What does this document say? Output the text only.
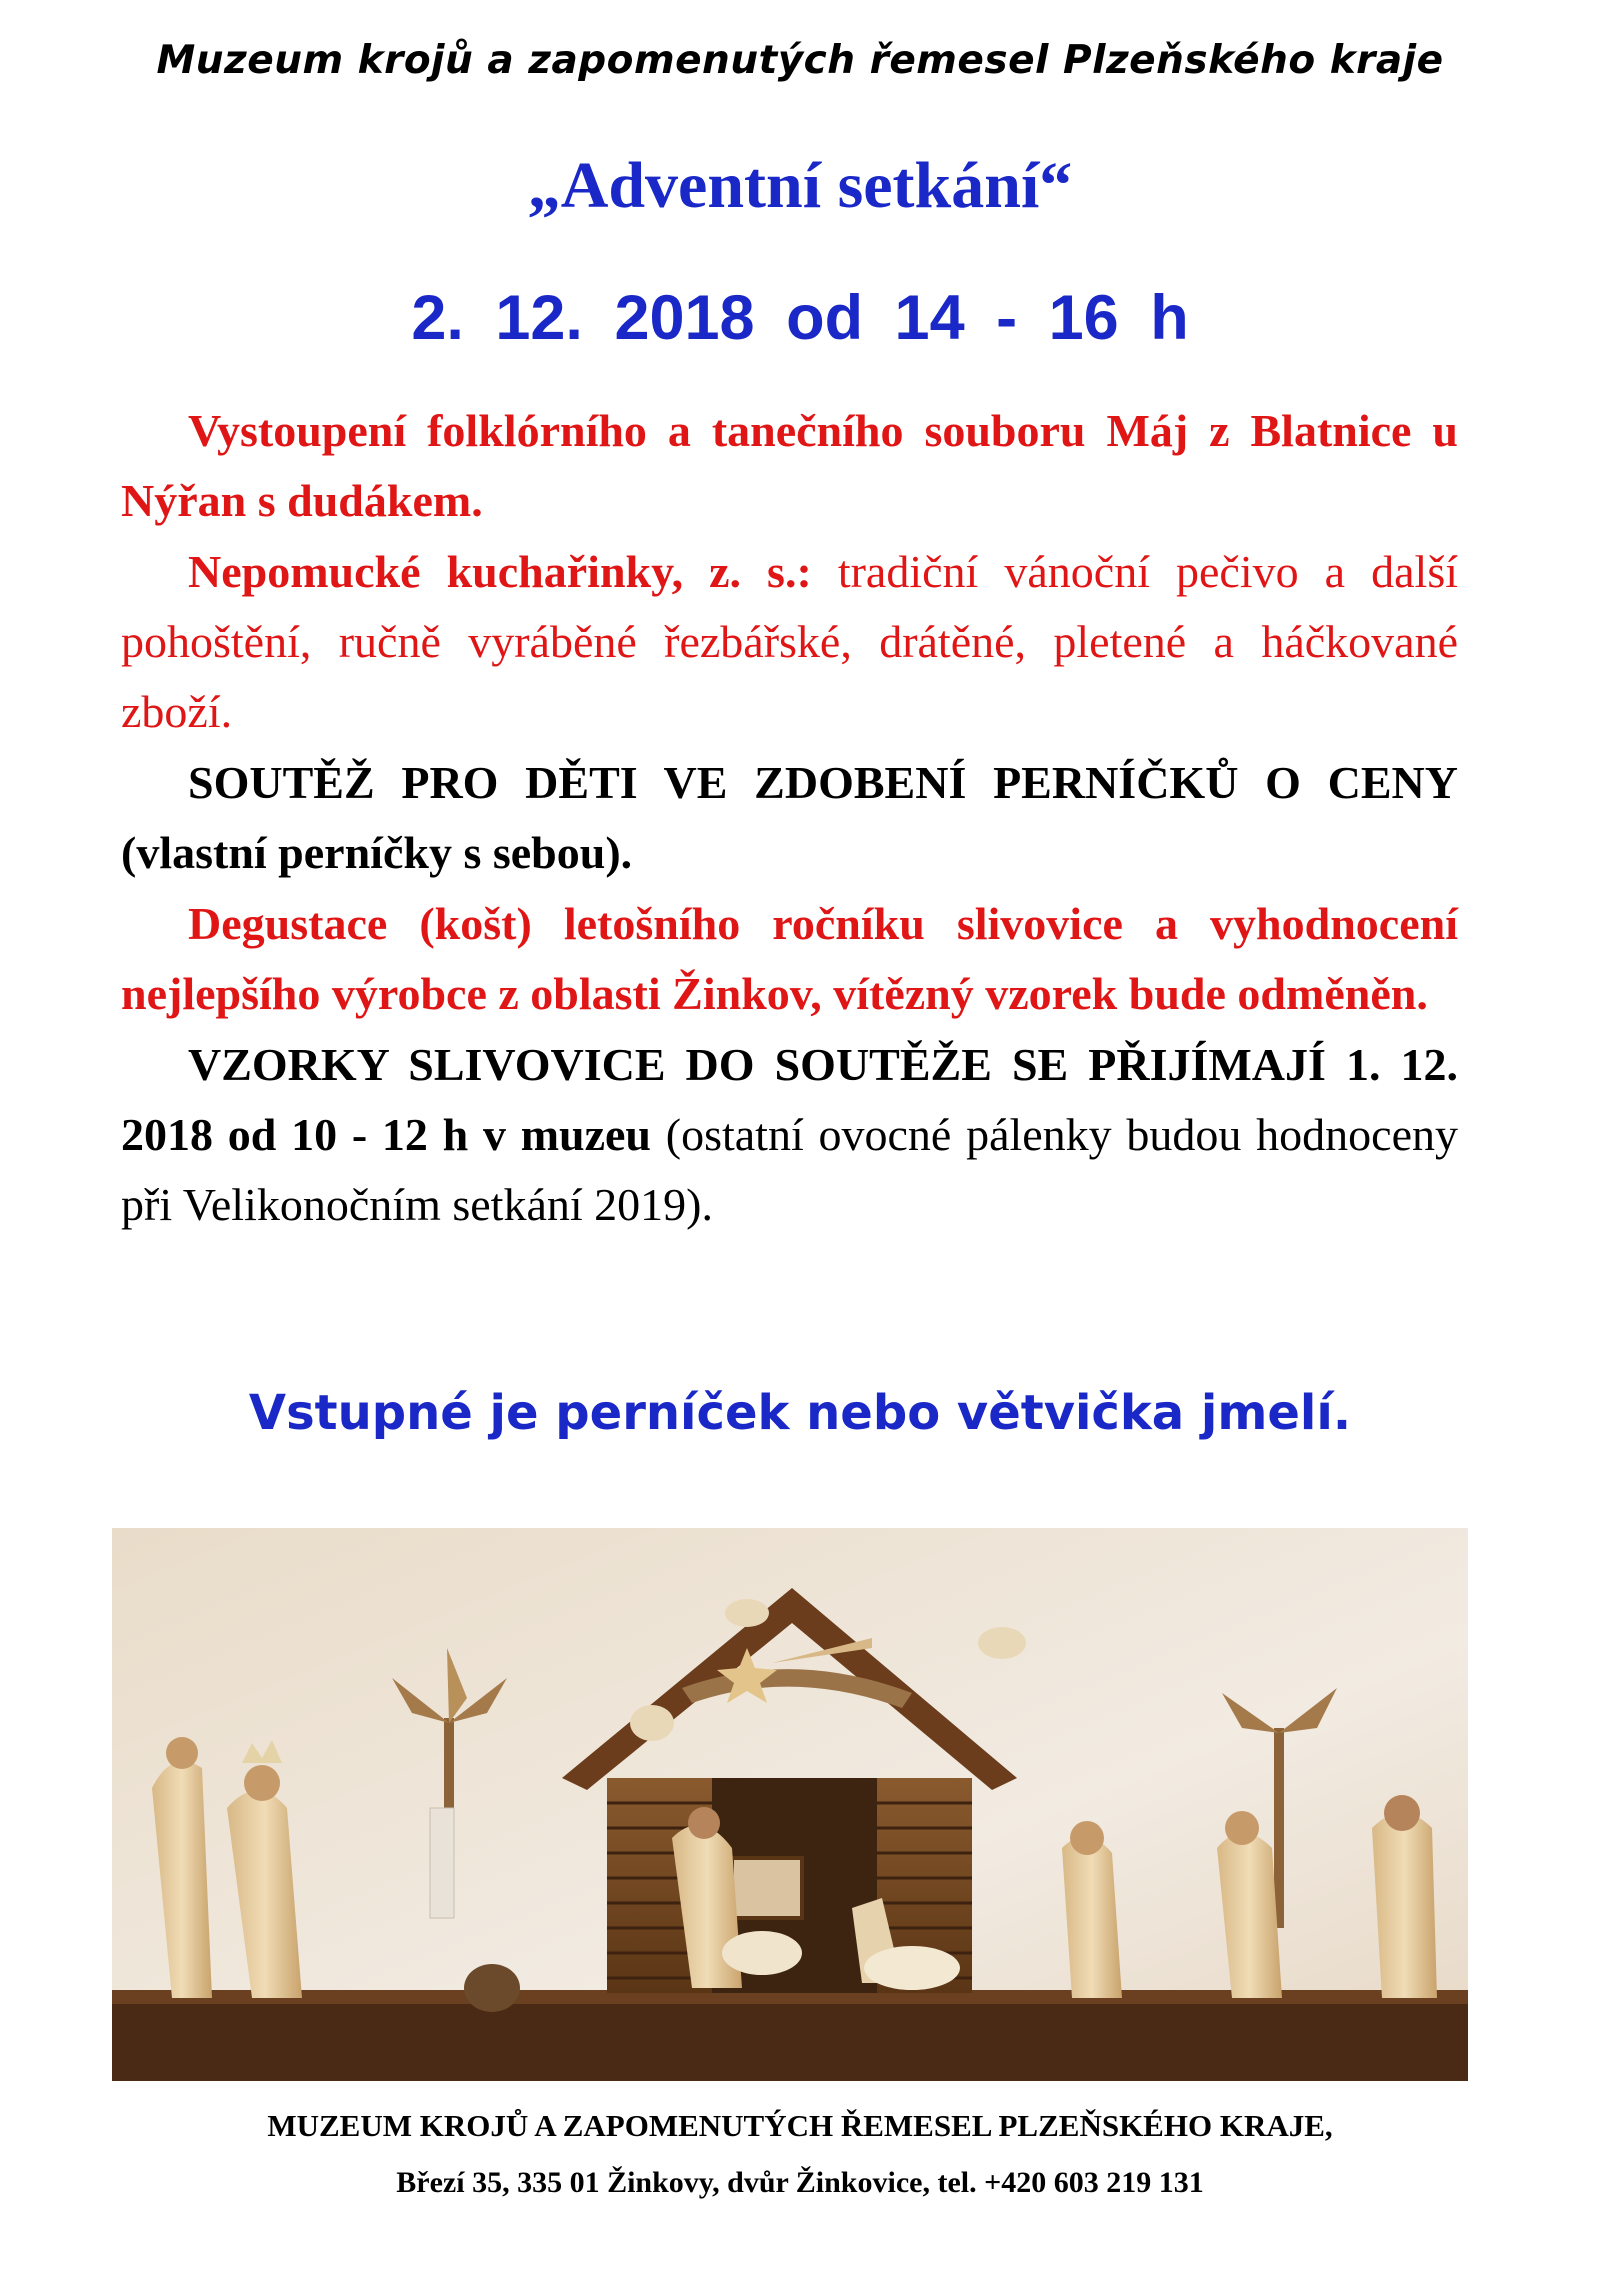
Muzeum krojů a zapomenutých řemesel Plzeňského kraje
„Adventní setkání“
2. 12. 2018 od 14 - 16 h

Vystoupení folklórního a tanečního souboru Máj z Blatnice u Nýřan s dudákem.

Nepomucké kuchařinky, z. s.: tradiční vánoční pečivo a další pohoštění, ručně vyráběné řezbářské, drátěné, pletené a háčkované zboží.

SOUTĚŽ PRO DĚTI VE ZDOBENÍ PERNÍČKŮ O CENY (vlastní perníčky s sebou).

Degustace (košt) letošního ročníku slivovice a vyhodnocení nejlepšího výrobce z oblasti Žinkov, vítězný vzorek bude odměněn.

VZORKY SLIVOVICE DO SOUTĚŽE SE PŘIJÍMAJÍ 1. 12. 2018 od 10 - 12 h v muzeu (ostatní ovocné pálenky budou hodnoceny při Velikonočním setkání 2019).

Vstupné je perníček nebo větvička jmelí.
MUZEUM KROJŮ A ZAPOMENUTÝCH ŘEMESEL PLZEŇSKÉHO KRAJE,
Březí 35, 335 01 Žinkovy, dvůr Žinkovice, tel. +420 603 219 131
